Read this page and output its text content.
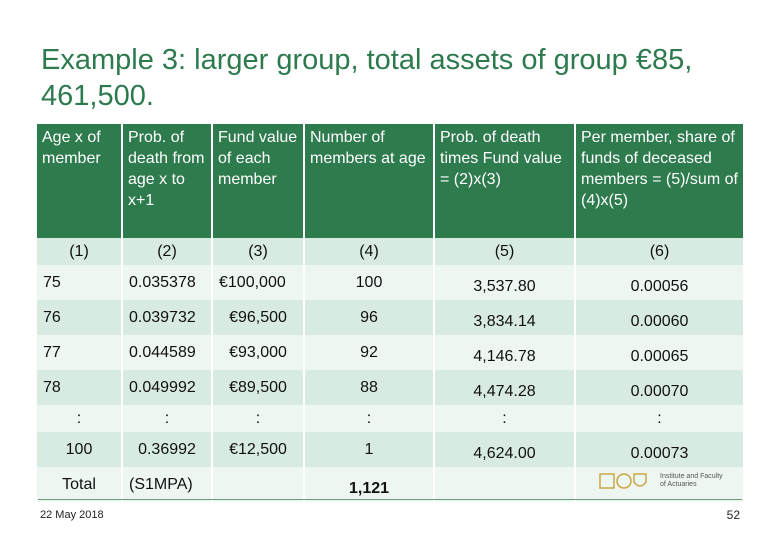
Example 3: larger group, total assets of group €85, 461,500.
Age x of member	Prob. of death from age x to x+1	Fund value of each member	Number of members at age	Prob. of death times Fund value = (2)x(3)	Per member, share of funds of deceased members = (5)/sum of (4)x(5)
(1)	(2)	(3)	(4)	(5)	(6)
75	0.035378	€100,000	100	3,537.80	0.00056
76	0.039732	€96,500	96	3,834.14	0.00060
77	0.044589	€93,000	92	4,146.78	0.00065
78	0.049992	€89,500	88	4,474.28	0.00070
:	:	:	:	:	:
100	0.36992	€12,500	1	4,624.00	0.00073
Total	(S1MPA)		1,121		
Institute and Faculty of Actuaries
22 May 2018	52
